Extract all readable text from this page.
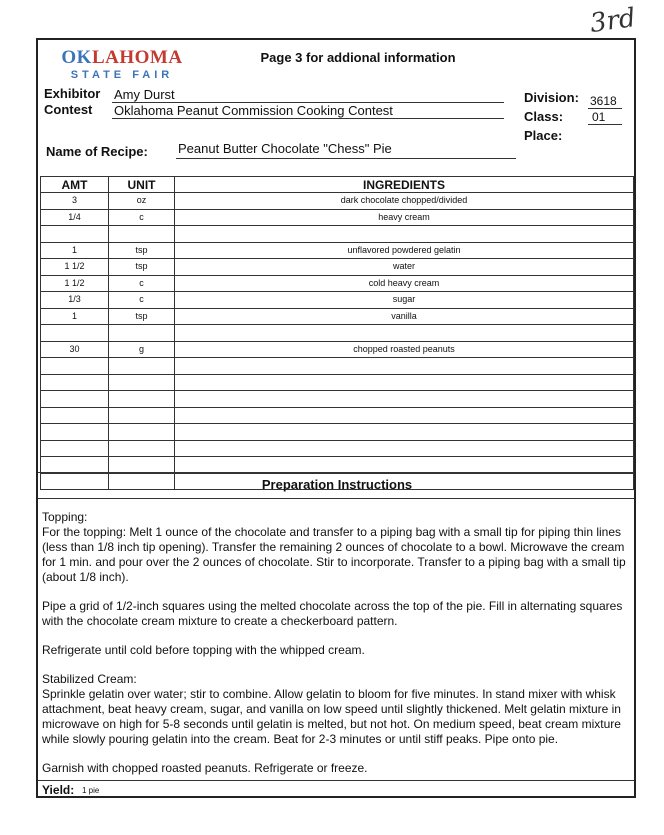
3rd
OKLAHOMA
STATE FAIR
Page 3 for addional information
Exhibitor Amy Durst
Contest Oklahoma Peanut Commission Cooking Contest
Division: 3618
Class: 01
Place:
Name of Recipe: Peanut Butter Chocolate "Chess" Pie
AMT	UNIT	INGREDIENTS
3	oz	dark chocolate chopped/divided
1/4	c	heavy cream

1	tsp	unflavored powdered gelatin
1 1/2	tsp	water
1 1/2	c	cold heavy cream
1/3	c	sugar
1	tsp	vanilla

30	g	chopped roasted peanuts

Preparation Instructions

Topping:
For the topping: Melt 1 ounce of the chocolate and transfer to a piping bag with a small tip for piping thin lines (less than 1/8 inch tip opening). Transfer the remaining 2 ounces of chocolate to a bowl. Microwave the cream for 1 min. and pour over the 2 ounces of chocolate. Stir to incorporate. Transfer to a piping bag with a small tip (about 1/8 inch).

Pipe a grid of 1/2-inch squares using the melted chocolate across the top of the pie. Fill in alternating squares with the chocolate cream mixture to create a checkerboard pattern.

Refrigerate until cold before topping with the whipped cream.

Stabilized Cream:
Sprinkle gelatin over water; stir to combine. Allow gelatin to bloom for five minutes. In stand mixer with whisk attachment, beat heavy cream, sugar, and vanilla on low speed until slightly thickened. Melt gelatin mixture in microwave on high for 5-8 seconds until gelatin is melted, but not hot. On medium speed, beat cream mixture while slowly pouring gelatin into the cream. Beat for 2-3 minutes or until stiff peaks. Pipe onto pie.

Garnish with chopped roasted peanuts. Refrigerate or freeze.

Yield: 1 pie
